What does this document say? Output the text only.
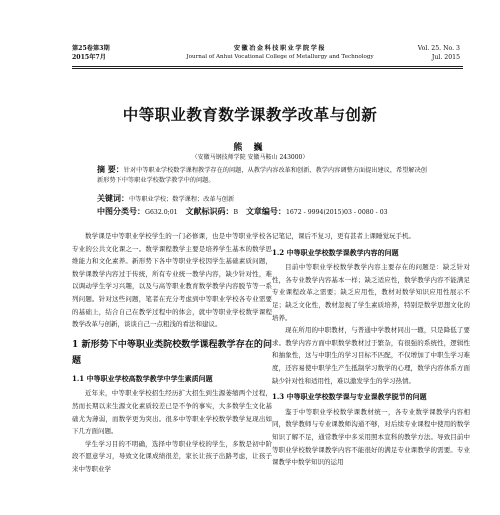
第25卷第3期
2015年7月
安徽冶金科技职业学院学报
Journal of Anhui Vocational College of Metallurgy and Technology
Vol. 25. No. 3
Jul. 2015
中等职业教育数学课教学改革与创新
熊 巍
（安徽马钢技师学院 安徽马鞍山 243000）
摘 要：针对中等职业学校数学课程教学存在的问题，从教学内容改革和创新、教学内容调整方面提出建议，希望解决创新形势下中等职业学校数学教学中的问题。
关键词：中等职业学校；数学课程；改革与创新
中图分类号：G632.0;01 文献标识码：B 文章编号：1672 - 9994(2015)03 - 0080 - 03

数学课是中等职业学校学生的一门必修课，也是中等职业学校各专业的公共文化课之一。数学课程教学主要是培养学生基本的数学思维能力和文化素养。新形势下各中等职业学校因学生基础素质问题，数学课教学内容过于传统，所有专业统一教学内容，缺少针对性，难以调动学生学习兴趣，以及与高等职业教育数学教学内容脱节等一系列问题。针对这些问题，笔者在充分考虑到中等职业学校各专业需要的基础上，结合自己在教学过程中的体会，就中等职业学校数学课程教学改革与创新，谈谈自己一点粗浅的看法和建议。

1 新形势下中等职业类院校数学课程教学存在的问题

1.1 中等职业学校高数学教学中学生素质问题

近年来，中等职业学校招生经历扩大招生到生源萎缩两个过程，然而长期以来生源文化素质较差已是不争的事实，大多数学生文化基础尤为薄弱，而数学更为突出。很多中等职业学校数学教学复现出如下几方面问题。

学生学习目的不明确，选择中等职业学校的学生，多数是初中阶段不愿意学习，导致文化课成绩很差，家长让孩子出路考虑，让孩子来中等职业学

记笔记，课后不复习，更有甚者上课睡觉玩手机。

1.2 中等职业学校数学课教学内容的问题

目前中等职业学校数学教学内容主要存在的问题是：缺乏针对性，各专业教学内容基本一样；缺乏适应性，数学教学内容不能满足专业课程改革之需要；缺乏应用性，教材对数学知识应用性展示不足；缺乏文化性，教材忽视了学生素质培养，特别是数学思想文化的培养。

现在所用的中职教材，与普通中学教材同出一辙，只是降低了要求。教学内容方面中职数学教材过于繁杂，有很强的系统性，逻辑性和抽象性，这与中职生的学习目标不匹配，不仅增加了中职生学习难度，还容易使中职学生产生抵制学习数学的心理，数学内容体系方面缺少针对性和适用性，难以激发学生的学习热情。

1.3 中等职业学校数学课与专业课教学脱节的问题

鉴于中等职业学校数学课教材统一，各专业数学课教学内容相同，数学教师与专业课教师沟通不够，对后续专业课程中使用的数学知识了解不足，通常教学中多采用照本宣科的教学方法。导致目前中等职业学校数学课教学内容不能很好的满足专业课教学的需要。专业课教学中数学知识的运用
